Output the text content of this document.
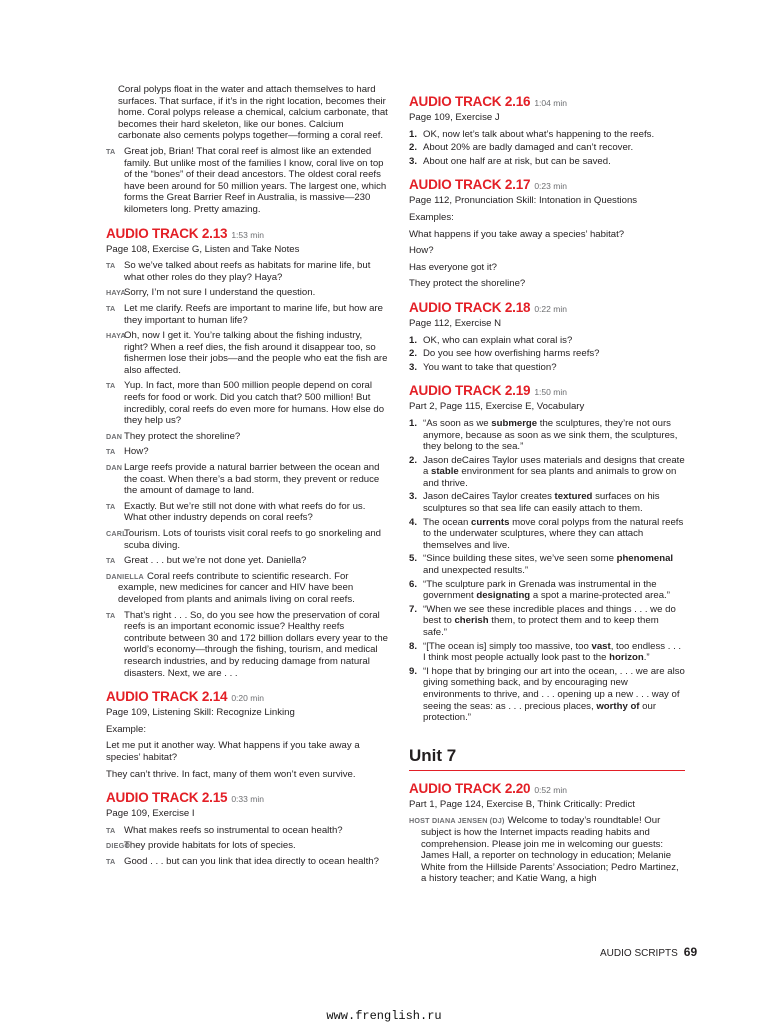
Coral polyps float in the water and attach themselves to hard surfaces. That surface, if it’s in the right location, becomes their home. Coral polyps release a chemical, calcium carbonate, that becomes their hard skeleton, like our bones. Calcium carbonate also cements polyps together—forming a coral reef.

TA Great job, Brian! That coral reef is almost like an extended family. But unlike most of the families I know, coral live on top of the “bones” of their dead ancestors. The oldest coral reefs have been around for 50 million years. The largest one, which forms the Great Barrier Reef in Australia, is massive—230 kilometers long. Pretty amazing.
AUDIO TRACK 2.13 1:53 min
Page 108, Exercise G, Listen and Take Notes
TA So we’ve talked about reefs as habitats for marine life, but what other roles do they play? Haya?
HAYA
Sorry, I’m not sure I understand the question.
TA Let me clarify. Reefs are important to marine life, but how are they important to human life?
HAYA
Oh, now I get it. You’re talking about the fishing industry, right? When a reef dies, the fish around it disappear too, so fishermen lose their jobs—and the people who eat the fish are also affected.
TA Yup. In fact, more than 500 million people depend on coral reefs for food or work. Did you catch that? 500 million! But incredibly, coral reefs do even more for humans. How else do they help us?
DAN They protect the shoreline?
TA How?
DAN Large reefs provide a natural barrier between the ocean and the coast. When there’s a bad storm, they prevent or reduce the amount of damage to land.
TA Exactly. But we’re still not done with what reefs do for us. What other industry depends on coral reefs?
CARL
Tourism. Lots of tourists visit coral reefs to go snorkeling and scuba diving.
TA Great . . . but we’re not done yet. Daniella?
DANIELLA Coral reefs contribute to scientific research. For example, new medicines for cancer and HIV have been developed from plants and animals living on coral reefs.
TA That’s right . . . So, do you see how the preservation of coral reefs is an important economic issue? Healthy reefs contribute between 30 and 172 billion dollars every year to the world’s economy—through the fishing, tourism, and medical research industries, and by reducing damage from natural disasters. Next, we are . . .
AUDIO TRACK 2.14 0:20 min
Page 109, Listening Skill: Recognize Linking

Example:

Let me put it another way. What happens if you take away a species’ habitat?

They can’t thrive. In fact, many of them won’t even survive.

AUDIO TRACK 2.15 0:33 min
Page 109, Exercise I
TA What makes reefs so instrumental to ocean health?
DIEGO
They provide habitats for lots of species.
TA Good . . . but can you link that idea directly to ocean health?
AUDIO TRACK 2.16 1:04 min
Page 109, Exercise J
1. OK, now let’s talk about what’s happening to the reefs.
2. About 20% are badly damaged and can’t recover.
3. About one half are at risk, but can be saved.
AUDIO TRACK 2.17 0:23 min
Page 112, Pronunciation Skill: Intonation in Questions

Examples:

What happens if you take away a species’ habitat?

How?

Has everyone got it?

They protect the shoreline?

AUDIO TRACK 2.18 0:22 min
Page 112, Exercise N
1. OK, who can explain what coral is?
2. Do you see how overfishing harms reefs?
3. You want to take that question?
AUDIO TRACK 2.19 1:50 min
Part 2, Page 115, Exercise E, Vocabulary
1. “As soon as we submerge the sculptures, they’re not ours anymore, because as soon as we sink them, the sculptures, they belong to the sea.”
2. Jason deCaires Taylor uses materials and designs that create a stable environment for sea plants and animals to grow on and thrive.
3. Jason deCaires Taylor creates textured surfaces on his sculptures so that sea life can easily attach to them.
4. The ocean currents move coral polyps from the natural reefs to the underwater sculptures, where they can attach themselves and live.
5. “Since building these sites, we’ve seen some phenomenal and unexpected results.”
6. “The sculpture park in Grenada was instrumental in the government designating a spot a marine-protected area.”
7. “When we see these incredible places and things . . . we do best to cherish them, to protect them and to keep them safe.”
8. “[The ocean is] simply too massive, too vast, too endless . . . I think most people actually look past to the horizon.”
9. “I hope that by bringing our art into the ocean, . . . we are also giving something back, and by encouraging new environments to thrive, and . . . opening up a new . . . way of seeing the seas: as . . . precious places, worthy of our protection.”
Unit 7
AUDIO TRACK 2.20 0:52 min
Part 1, Page 124, Exercise B, Think Critically: Predict
HOST DIANA JENSEN (DJ) Welcome to today’s roundtable! Our subject is how the Internet impacts reading habits and comprehension. Please join me in welcoming our guests: James Hall, a reporter on technology in education; Melanie White from the Hillside Parents’ Association; Pedro Martinez, a history teacher; and Katie Wang, a high
AUDIO SCRIPTS 69
www.frenglish.ru
